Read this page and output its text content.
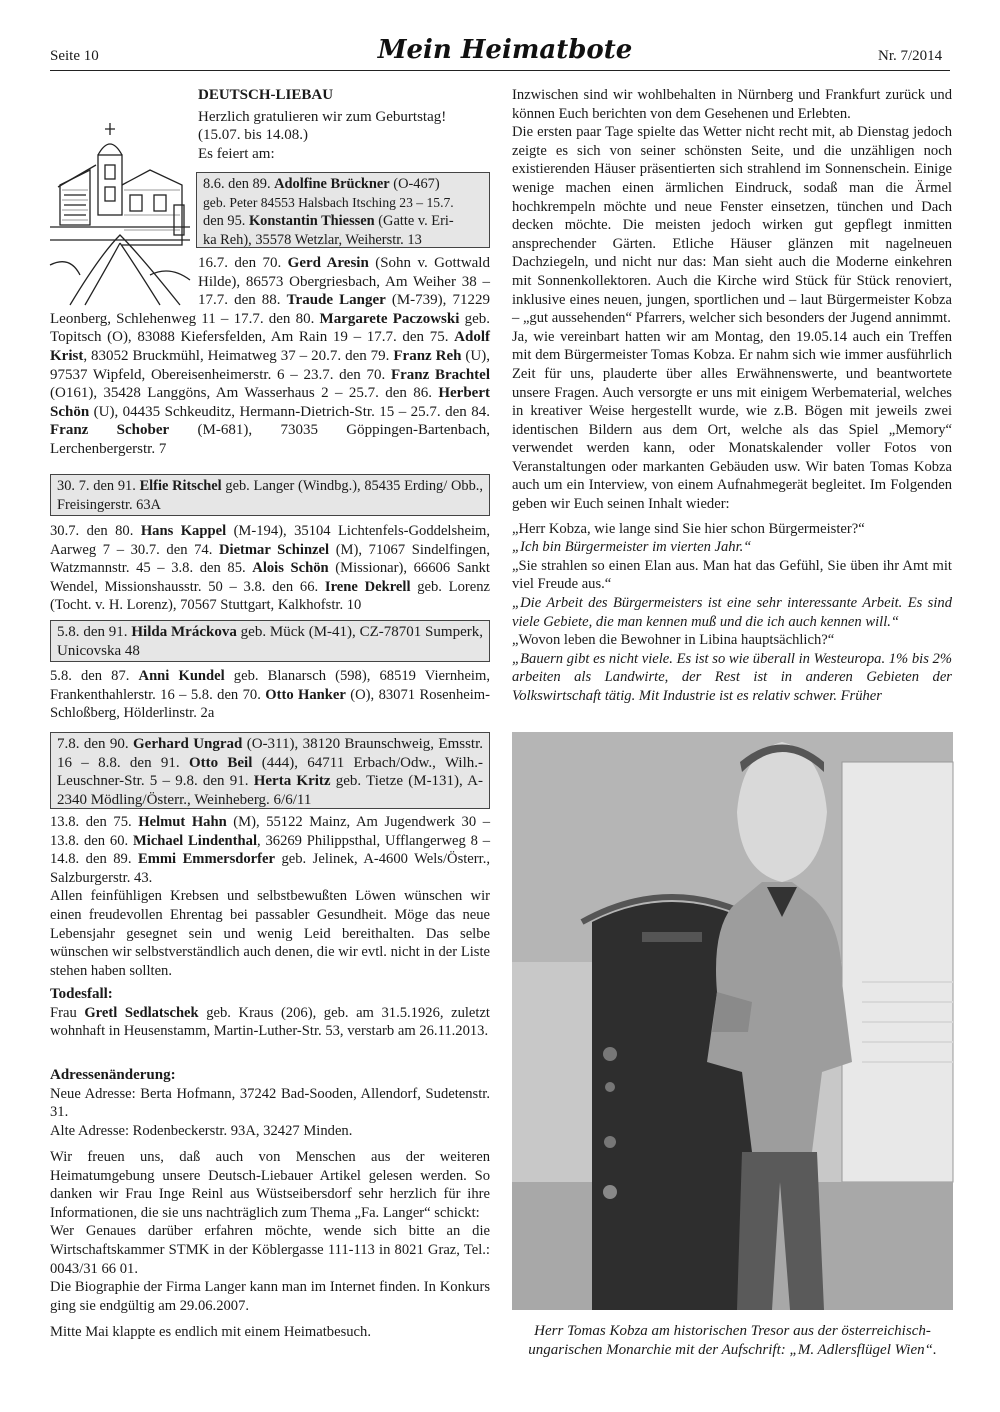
Seite 10	Mein Heimatbote	Nr. 7/2014
DEUTSCH-LIEBAU

Herzlich gratulieren wir zum Geburtstag!

(15.07. bis 14.08.)

Es feiert am:

8.6. den 89. Adolfine Brückner (O-467)
geb. Peter 84553 Halsbach Itsching 23 – 15.7.
den 95. Konstantin Thiessen (Gatte v. Eri-
ka Reh), 35578 Wetzlar, Weiherstr. 13
16.7. den 70. Gerd Aresin (Sohn v. Gottwald Hilde), 86573 Obergriesbach, Am Weiher 38 – 17.7. den 88. Traude Langer (M-739), 71229 Leonberg, Schlehenweg 11 – 17.7. den 80. Margarete Paczowski geb. Topitsch (O), 83088 Kiefersfelden, Am Rain 19 – 17.7. den 75. Adolf Krist, 83052 Bruckmühl, Heimatweg 37 – 20.7. den 79. Franz Reh (U), 97537 Wipfeld, Obereisenheimerstr. 6 – 23.7. den 70. Franz Brachtel (O161), 35428 Langgöns, Am Wasserhaus 2 – 25.7. den 86. Herbert Schön (U), 04435 Schkeuditz, Hermann-Dietrich-Str. 15 – 25.7. den 84. Franz Schober (M-681), 73035 Göppingen-Bartenbach, Lerchenbergerstr. 7
30. 7. den 91. Elfie Ritschel geb. Langer (Windbg.), 85435 Erding/ Obb., Freisingerstr. 63A
30.7. den 80. Hans Kappel (M-194), 35104 Lichtenfels-Goddelsheim, Aarweg 7 – 30.7. den 74. Dietmar Schinzel (M), 71067 Sindelfingen, Watzmannstr. 45 – 3.8. den 85. Alois Schön (Missionar), 66606 Sankt Wendel, Missionshausstr. 50 – 3.8. den 66. Irene Dekrell geb. Lorenz (Tocht. v. H. Lorenz), 70567 Stuttgart, Kalkhofstr. 10
5.8. den 91. Hilda Mráckova geb. Mück (M-41), CZ-78701 Sumperk, Unicovska 48
5.8. den 87. Anni Kundel geb. Blanarsch (598), 68519 Viernheim, Frankenthahlerstr. 16 – 5.8. den 70. Otto Hanker (O), 83071 Rosenheim-Schloßberg, Hölderlinstr. 2a
7.8. den 90. Gerhard Ungrad (O-311), 38120 Braunschweig, Emsstr. 16 – 8.8. den 91. Otto Beil (444), 64711 Erbach/Odw., Wilh.-Leuschner-Str. 5 – 9.8. den 91. Herta Kritz geb. Tietze (M-131), A-2340 Mödling/Österr., Weinheberg. 6/6/11

13.8. den 75. Helmut Hahn (M), 55122 Mainz, Am Jugendwerk 30 – 13.8. den 60. Michael Lindenthal, 36269 Philippsthal, Ufflangerweg 8 – 14.8. den 89. Emmi Emmersdorfer geb. Jelinek, A-4600 Wels/Österr., Salzburgerstr. 43.

Allen feinfühligen Krebsen und selbstbewußten Löwen wünschen wir einen freudevollen Ehrentag bei passabler Gesundheit. Möge das neue Lebensjahr gesegnet sein und wenig Leid bereithalten. Das selbe wünschen wir selbstverständlich auch denen, die wir evtl. nicht in der Liste stehen haben sollten.

Todesfall:

Frau Gretl Sedlatschek geb. Kraus (206), geb. am 31.5.1926, zuletzt wohnhaft in Heusenstamm, Martin-Luther-Str. 53, verstarb am 26.11.2013.

Adressenänderung:

Neue Adresse: Berta Hofmann, 37242 Bad-Sooden, Allendorf, Sudetenstr. 31.

Alte Adresse: Rodenbeckerstr. 93A, 32427 Minden.

Wir freuen uns, daß auch von Menschen aus der weiteren Heimatumgebung unsere Deutsch-Liebauer Artikel gelesen werden. So danken wir Frau Inge Reinl aus Wüstseibersdorf sehr herzlich für ihre Informationen, die sie uns nachträglich zum Thema „Fa. Langer“ schickt:

Wer Genaues darüber erfahren möchte, wende sich bitte an die Wirtschaftskammer STMK in der Köblergasse 111-113 in 8021 Graz, Tel.: 0043/31 66 01.

Die Biographie der Firma Langer kann man im Internet finden. In Konkurs ging sie endgültig am 29.06.2007.

Mitte Mai klappte es endlich mit einem Heimatbesuch.

Inzwischen sind wir wohlbehalten in Nürnberg und Frankfurt zurück und können Euch berichten von dem Gesehenen und Erlebten.

Die ersten paar Tage spielte das Wetter nicht recht mit, ab Dienstag jedoch zeigte es sich von seiner schönsten Seite, und die unzähligen noch existierenden Häuser präsentierten sich strahlend im Sonnenschein. Einige wenige machen einen ärmlichen Eindruck, sodaß man die Ärmel hochkrempeln möchte und neue Fenster einsetzen, tünchen und Dach decken möchte. Die meisten jedoch wirken gut gepflegt inmitten ansprechender Gärten. Etliche Häuser glänzen mit nagelneuen Dachziegeln, und nicht nur das: Man sieht auch die Moderne einkehren mit Sonnenkollektoren. Auch die Kirche wird Stück für Stück renoviert, inklusive eines neuen, jungen, sportlichen und – laut Bürgermeister Kobza – „gut aussehenden“ Pfarrers, welcher sich besonders der Jugend annimmt.

Ja, wie vereinbart hatten wir am Montag, den 19.05.14 auch ein Treffen mit dem Bürgermeister Tomas Kobza. Er nahm sich wie immer ausführlich Zeit für uns, plauderte über alles Erwähnenswerte, und beantwortete unsere Fragen. Auch versorgte er uns mit einigem Werbematerial, welches in kreativer Weise hergestellt wurde, wie z.B. Bögen mit jeweils zwei identischen Bildern aus dem Ort, welche als das Spiel „Memory“ verwendet werden kann, oder Monatskalender voller Fotos von Veranstaltungen oder markanten Gebäuden usw. Wir baten Tomas Kobza auch um ein Interview, von einem Aufnahmegerät begleitet. Im Folgenden geben wir Euch seinen Inhalt wieder:

„Herr Kobza, wie lange sind Sie hier schon Bürgermeister?“

„Ich bin Bürgermeister im vierten Jahr.“

„Sie strahlen so einen Elan aus. Man hat das Gefühl, Sie üben ihr Amt mit viel Freude aus.“

„Die Arbeit des Bürgermeisters ist eine sehr interessante Arbeit. Es sind viele Gebiete, die man kennen muß und die ich auch kennen will.“

„Wovon leben die Bewohner in Libina hauptsächlich?“

„Bauern gibt es nicht viele. Es ist so wie überall in Westeuropa. 1% bis 2% arbeiten als Landwirte, der Rest ist in anderen Gebieten der Volkswirtschaft tätig. Mit Industrie ist es relativ schwer. Früher

Herr Tomas Kobza am historischen Tresor aus der österreichisch-ungarischen Monarchie mit der Aufschrift: „M. Adlersflügel Wien“.
